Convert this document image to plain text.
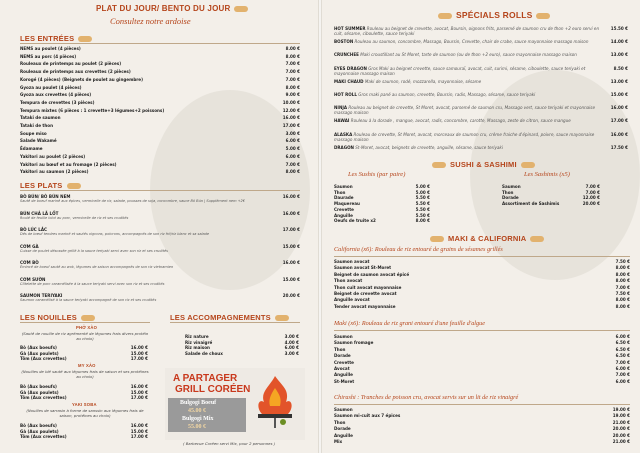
PLAT DU JOUR/ BENTO DU JOUR
Consultez notre ardoise
LES ENTRÉES
NEMS au poulet (4 pièces)	8.00 €
NEMS au porc (4 pièces)	8.00 €
Rouleaux de printemps au poulet (2 pièces)	7.00 €
Rouleaux de printemps aux crevettes (2 pièces)	7.00 €
Korogé (4 pièces) (Beignets de poulet au gingembre)	7.00 €
Gyoza au poulet (4 pièces)	8.00 €
Gyoza aux crevettes (4 pièces)	9.00 €
Tempura de crevettes (3 pièces)	10.00 €
Tempura mixtes (6 pièces : 1 crevette+3 légumes+2 poissons)	12.00 €
Tataki de saumon	16.00 €
Tataki de thon	17.00 €
Soupe miso	3.00 €
Salade Wakamé	6.00 €
Édamame	5.00 €
Yakitori au poulet (2 pièces)	6.00 €
Yakitori au bœuf et au fromage (2 pièces)	7.00 €
Yakitori au saumon (2 pièces)	8.00 €
LES PLATS
BÒ BÚN/ BÒ BÚN NEM
Sauté de boeuf mariné aux épices, vermicelle de riz, salade, pousses de soja, concombre, sauce Bò Bún | Supplément nem +2€
16.00 €
BÚN CHẢ LÃ LỐT
Roulé de feuille lolot au porc, vermicelle de riz et ses crudités
16.00 €
BÒ LÚC LẮC
Dés de bœuf tendres mariné et sautés oignons, poivrons, accompagnés de son riz frit/riz blanc et sa salade
17.00 €
CƠM GÀ
Cuisse de poulet désossée grillé à la sauce teriyaki servi avec son riz et ses crudités
15.00 €
CƠM BÒ
Émincé de boeuf sauté au wok, légumes de saison accompagnés de son riz vietnamien
16.00 €
CƠM SƯỜN
Côtelette de porc caramélisée à la sauce teriyaki servi avec son riz et ses crudités
15.00 €
SAUMON TERIYAKI
Saumon caramélisé à la sauce teriyaki accompagné de son riz et ses crudités
20.00 €
LES NOUILLES
PHỞ XÀO
(Sauté de nouille de riz agrémenté de légumes frais divers protéin au choix)
Bò (Aux boeufs)	16.00 €
Gà (Aux poulets)	15.00 €
Tôm (Aux crevettes)	17.00 €
MY XÀO
(Nouilles de blé sauté aux légumes frais de saison et ses protéines au choix)
Bò (Aux boeufs)	16.00 €
Gà (Aux poulets)	15.00 €
Tôm (Aux crevettes)	17.00 €
YAKI SOBA
(Nouilles de sarrasin à forme de sanssin aux légumes frais de saison, protéines au choix)
Bò (Aux boeufs)	16.00 €
Gà (Aux poulets)	15.00 €
Tôm (Aux crevettes)	17.00 €
LES ACCOMPAGNEMENTS
Riz nature	3.00 €
Riz vinaigré	4.00 €
Riz maison	6.00 €
Salade de choux	3.00 €
A PARTAGER
GRILL CORÉEN
Bulgogi Boeuf
45.00 €
Bulgogi Mix
55.00 €
( Barbecue Coréen servi Mix, pour 2 personnes )
SPÉCIALS ROLLS
HOT SUMMER Rouleau au beignet de crevette, avocat, Boursin, oignons frits, parsemé de saumon cru de thon +2 euro servi en cuit, sésame, ciboulette, sauce teriyaki
15.50 €
BOSTON Rouleau au saumon, concombre, Massago, Boursin, Crevette, chair de crabe, sauce mayonnaise massago maison	14.00 €
CRUNCHEE Maki croustillant au St Moret, tarte de saumon (ou de thon +2 euro), sauce mayonnaise massago maison	13.00 €
EYES DRAGON Gros Maki au beignet crevette, sauce samouraï, avocat, cuit, surimi, sésame, ciboulette, sauce teriyaki et mayonnaise massago maison
8.50 €
MAKI CHAUD Maki de saumon, rodé, mozzarella, mayonnaise, sésame	13.00 €
HOT ROLL Gros maki pané au saumon, crevette, Boursin, radis, Massago, sésame, sauce teriyaki	15.00 €
NINJA Rouleau au beignet de crevette, St Moret, avocat, parsemé de saumon cru, Massago vert, sauce teriyaki et mayonnaise massago maison
16.00 €
HAWAI Rouleau à la dorade , mangue, avocat, radis, concombre, carotte, Massago, zeste de citron, sauce mangue	17.00 €
ALASKA Rouleau de crevette, St Moret, avocat, morceaux de saumon cru, crème fraiche d'épinard, poivre, sauce mayonnaise massago maison
16.00 €
DRAGON St-Moret, avocat, beignets de crevette, anguille, sésame, sauce teriyaki	17.50 €
SUSHI & SASHIMI
Les Sushis (par paire)	Les Sashimis (x5)
Saumon	5.00 €
Thon	5.00 €
Daurade	5.50 €
Maquereau	5.50 €
Crevette	5.50 €
Anguille	5.50 €
Oeufs de truite x2	8.00 €
Saumon	7.00 €
Thon	7.00 €
Dorade	12.00 €
Assortiment de Sashimis	20.00 €
MAKI & CALIFORNIA
California (x6): Rouleau de riz entouré de grains de sésames grillés
Saumon avocat	7.50 €
Saumon avocat St-Moret	8.00 €
Beignet de saumon avocat épicé	8.00 €
Thon avocat	8.00 €
Thon cuit avocat mayonnaise	7.00 €
Beignet de crevette avocat	7.50 €
Anguille avocat	8.00 €
Tender avocat mayonnaise	8.00 €
Maki (x6): Rouleau de riz grani entouré d'une feuille d'algue
Saumon	6.00 €
Saumon fromage	6.50 €
Thon	6.50 €
Dorade	6.50 €
Crevette	7.00 €
Avocat	6.00 €
Anguille	7.00 €
St-Moret	6.00 €
Chirashi : Tranches de poisson cru, avocat servis sur un lit de riz vinaigré
Saumon	19.00 €
Saumon mi-cuit aux 7 épices	19.00 €
Thon	21.00 €
Dorade	20.00 €
Anguille	20.00 €
Mix	21.00 €
